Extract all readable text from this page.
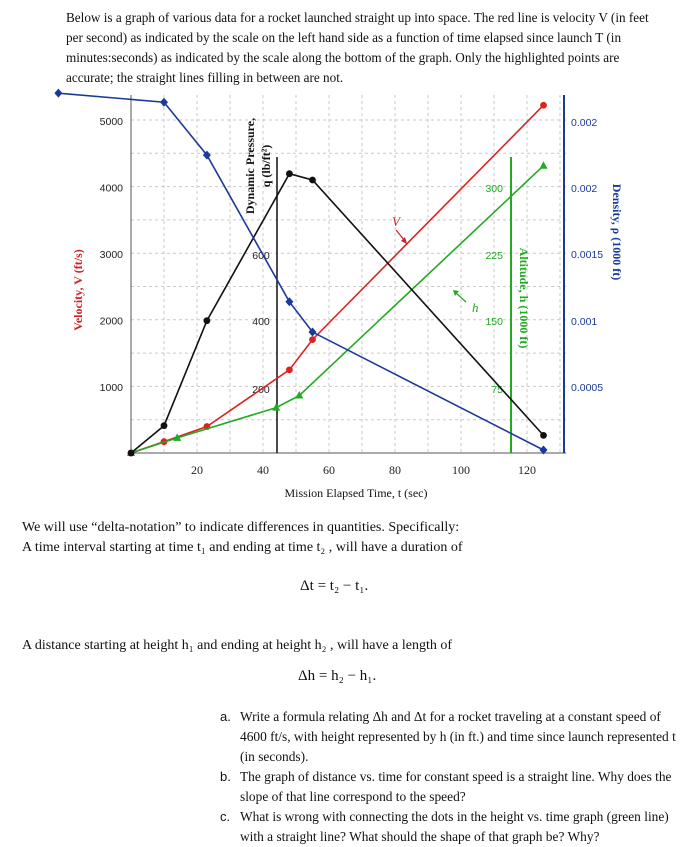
Below is a graph of various data for a rocket launched straight up into space. The red line is velocity V (in feet per second) as indicated by the scale on the left hand side as a function of time elapsed since launch T (in minutes:seconds) as indicated by the scale along the bottom of the graph. Only the highlighted points are accurate; the straight lines filling in between are not.

20	40	60	80	100	120
1000
2000
3000
4000
5000
200
400
600
75
150
225
300
0.0005
0.001
0.0015
0.002
0.002
Mission Elapsed Time, t (sec)
Velocity, V (ft/s)
Dynamic Pressure, q (lb/ft²)
Altitude, h (1000 ft)
Density, ρ (1000 ft)
V
h

We will use “delta-notation” to indicate differences in quantities. Specifically:

A time interval starting at time t₁ and ending at time t₂ , will have a duration of

Δt = t₂ − t₁.

A distance starting at height h₁ and ending at height h₂ , will have a length of

Δh = h₂ − h₁.
a. Write a formula relating Δh and Δt for a rocket traveling at a constant speed of 4600 ft/s, with height represented by h (in ft.) and time since launch represented t (in seconds).
b. The graph of distance vs. time for constant speed is a straight line. Why does the slope of that line correspond to the speed?
c. What is wrong with connecting the dots in the height vs. time graph (green line) with a straight line? What should the shape of that graph be? Why?
